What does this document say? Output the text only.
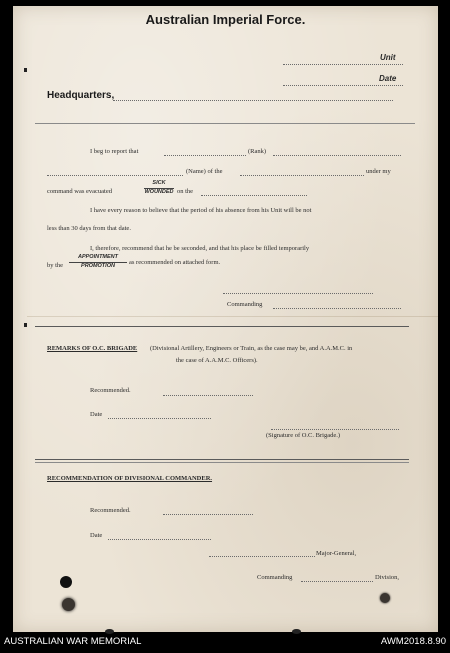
Australian Imperial Force.
Unit
Date
Headquarters,
I beg to report that	(Rank)
(Name) of the	under my
command was evacuated
SICK
WOUNDED on the
I have every reason to believe that the period of his absence from his Unit will be not
less than 30 days from that date.
I, therefore, recommend that he be seconded, and that his place be filled temporarily
by the
APPOINTMENT
PROMOTION	as recommended on attached form.
Commanding
REMARKS OF O.C. BRIGADE (Divisional Artillery, Engineers or Train, as the case may be, and A.A.M.C. in
the case of A.A.M.C. Officers).
Recommended.
Date
(Signature of O.C. Brigade.)
RECOMMENDATION OF DIVISIONAL COMMANDER.
Recommended.
Date
Major-General,
Commanding	Division,
AUSTRALIAN WAR MEMORIAL	AWM2018.8.90
